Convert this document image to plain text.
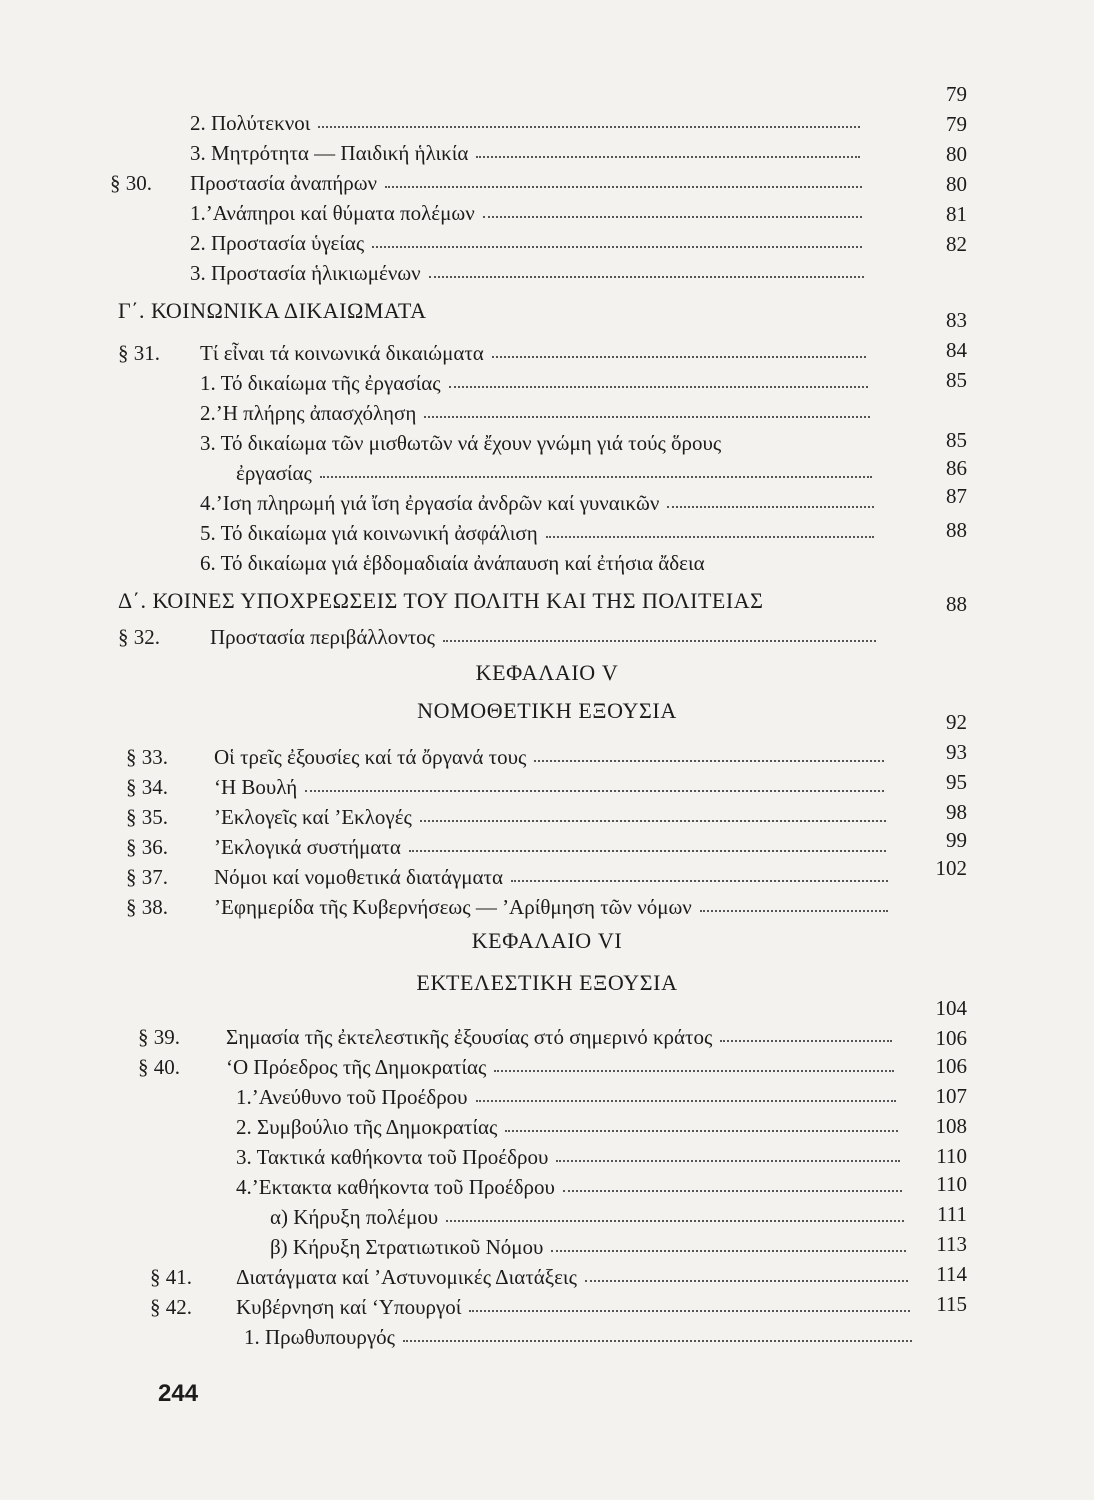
2. Πολύτεκνοι
79
3. Μητρότητα — Παιδική ἡλικία
79
§ 30. Προστασία ἀναπήρων
80
1.’Ανάπηροι καί θύματα πολέμων
80
2. Προστασία ὑγείας
81
3. Προστασία ἡλικιωμένων
82
Γ΄. ΚΟΙΝΩΝΙΚΑ ΔΙΚΑΙΩΜΑΤΑ
§ 31. Τί εἶναι τά κοινωνικά δικαιώματα
83
1. Τό δικαίωμα τῆς ἐργασίας
84
2.’Η πλήρης ἀπασχόληση
85
3. Τό δικαίωμα τῶν μισθωτῶν νά ἔχουν γνώμη γιά τούς ὅρους
ἐργασίας
85
4.’Ιση πληρωμή γιά ἴση ἐργασία ἀνδρῶν καί γυναικῶν
86
5. Τό δικαίωμα γιά κοινωνική ἀσφάλιση
87
6. Τό δικαίωμα γιά ἑβδομαδιαία ἀνάπαυση καί ἐτήσια ἄδεια
88
Δ΄. ΚΟΙΝΕΣ ΥΠΟΧΡΕΩΣΕΙΣ ΤΟΥ ΠΟΛΙΤΗ ΚΑΙ ΤΗΣ ΠΟΛΙΤΕΙΑΣ
§ 32. Προστασία περιβάλλοντος
88
ΚΕΦΑΛΑΙΟ V
ΝΟΜΟΘΕΤΙΚΗ ΕΞΟΥΣΙΑ
§ 33. Οἱ τρεῖς ἐξουσίες καί τά ὄργανά τους
92
§ 34. ‘Η Βουλή
93
§ 35. ’Εκλογεῖς καί ’Εκλογές
95
§ 36. ’Εκλογικά συστήματα
98
§ 37. Νόμοι καί νομοθετικά διατάγματα
99
§ 38. ’Εφημερίδα τῆς Κυβερνήσεως — ’Αρίθμηση τῶν νόμων
102
ΚΕΦΑΛΑΙΟ VI
ΕΚΤΕΛΕΣΤΙΚΗ ΕΞΟΥΣΙΑ
§ 39. Σημασία τῆς ἐκτελεστικῆς ἐξουσίας στό σημερινό κράτος
104
§ 40. ‘Ο Πρόεδρος τῆς Δημοκρατίας
106
1.’Ανεύθυνο τοῦ Προέδρου
106
2. Συμβούλιο τῆς Δημοκρατίας
107
3. Τακτικά καθήκοντα τοῦ Προέδρου
108
4.’Εκτακτα καθήκοντα τοῦ Προέδρου
110
α) Κήρυξη πολέμου
110
β) Κήρυξη Στρατιωτικοῦ Νόμου
111
§ 41. Διατάγματα καί ’Αστυνομικές Διατάξεις
113
§ 42. Κυβέρνηση καί ‘Υπουργοί
114
1. Πρωθυπουργός
115
244
